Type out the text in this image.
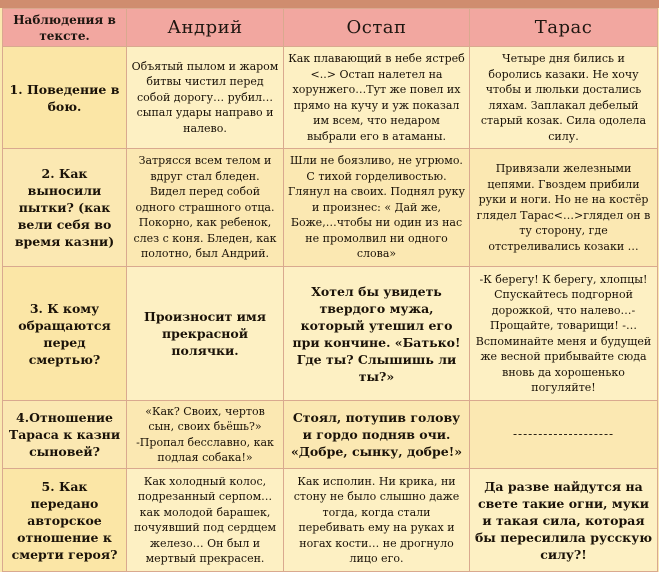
Наблюдения в тексте.	Андрий	Остап	Тарас
1. Поведение в бою.	Объятый пылом и жаром битвы чистил перед собой дорогу… рубил…сыпал удары направо и налево.	Как плавающий в небе ястреб <..> Остап налетел на хорунжего…Тут же повел их прямо на кучу и уж показал им всем, что недаром выбрали его в атаманы.	Четыре дня бились и боролись казаки. Не хочу чтобы и люльки достались ляхам. Заплакал дебелый старый козак. Сила одолела силу.
2. Как выносили пытки? (как вели себя во время казни)	Затрясся всем телом и вдруг стал бледен. Видел перед собой одного страшного отца. Покорно, как ребенок, слез с коня. Бледен, как полотно, был Андрий.	Шли не боязливо, не угрюмо. С тихой горделивостью. Глянул на своих. Поднял руку и произнес: « Дай же, Боже,…чтобы ни один из нас не промолвил ни одного слова»	Привязали железными цепями. Гвоздем прибили руки и ноги. Но не на костёр глядел Тарас<…>глядел он в ту сторону, где отстреливались козаки …
3. К кому обращаются перед смертью?	Произносит имя прекрасной полячки.	Хотел бы увидеть твердого мужа, который утешил его при кончине. «Батько! Где ты? Слышишь ли ты?»	-К берегу! К берегу, хлопцы! Спускайтесь подгорной дорожкой, что налево…- Прощайте, товарищи! -… Вспоминайте меня и будущей же весной прибывайте сюда вновь да хорошенько погуляйте!
4.Отношение Тараса к казни сыновей?	«Как? Своих, чертов сын, своих бьёшь?» -Пропал бесславно, как подлая собака!»	Стоял, потупив голову и гордо подняв очи. «Добре, сынку, добре!»	--------------------
5. Как передано авторское отношение к смерти героя?	Как холодный колос, подрезанный серпом… как молодой барашек, почуявший под сердцем железо… Он был и мертвый прекрасен.	Как исполин. Ни крика, ни стону не было слышно даже тогда, когда стали перебивать ему на руках и ногах кости… не дрогнуло лицо его.	Да разве найдутся на свете такие огни, муки и такая сила, которая бы пересилила русскую силу?!
